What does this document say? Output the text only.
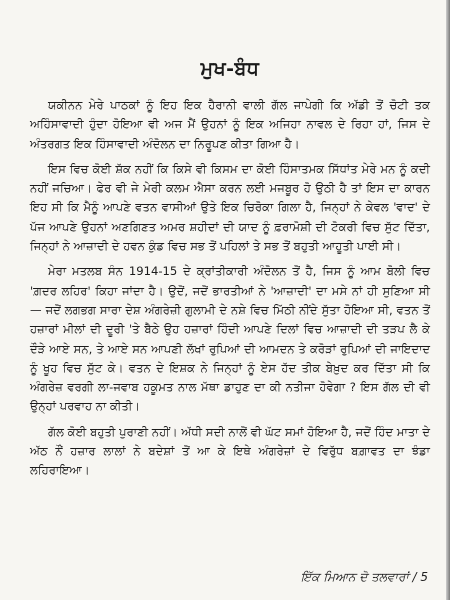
ਮੁਖ-ਬੰਧ

ਯਕੀਨਨ ਮੇਰੇ ਪਾਠਕਾਂ ਨੂੰ ਇਹ ਇਕ ਹੈਰਾਨੀ ਵਾਲੀ ਗੱਲ ਜਾਪੇਗੀ ਕਿ ਅੱਡੀ ਤੋਂ ਚੋਟੀ ਤਕ ਅਹਿੰਸਾਵਾਦੀ ਹੁੰਦਾ ਹੋਇਆ ਵੀ ਅਜ ਮੈਂ ਉਹਨਾਂ ਨੂੰ ਇਕ ਅਜਿਹਾ ਨਾਵਲ ਦੇ ਰਿਹਾ ਹਾਂ, ਜਿਸ ਦੇ ਅੰਤਰਗਤ ਇਕ ਹਿੰਸਾਵਾਦੀ ਅੰਦੋਲਨ ਦਾ ਨਿਰੂਪਣ ਕੀਤਾ ਗਿਆ ਹੈ।

ਇਸ ਵਿਚ ਕੋਈ ਸ਼ੱਕ ਨਹੀਂ ਕਿ ਕਿਸੇ ਵੀ ਕਿਸਮ ਦਾ ਕੋਈ ਹਿੰਸਾਤਮਕ ਸਿੱਧਾਂਤ ਮੇਰੇ ਮਨ ਨੂੰ ਕਦੀ ਨਹੀਂ ਜਚਿਆ। ਫੇਰ ਵੀ ਜੇ ਮੇਰੀ ਕਲਮ ਐਸਾ ਕਰਨ ਲਈ ਮਜਬੂਰ ਹੋ ਉਠੀ ਹੈ ਤਾਂ ਇਸ ਦਾ ਕਾਰਨ ਇਹ ਸੀ ਕਿ ਮੈਨੂੰ ਆਪਣੇ ਵਤਨ ਵਾਸੀਆਂ ਉਤੇ ਇਕ ਚਿਰੋਕਾ ਗਿਲਾ ਹੈ, ਜਿਨ੍ਹਾਂ ਨੇ ਕੇਵਲ 'ਵਾਦ' ਦੇ ਪੱਜ ਆਪਣੇ ਉਹਨਾਂ ਅਣਗਿਣਤ ਅਮਰ ਸ਼ਹੀਦਾਂ ਦੀ ਯਾਦ ਨੂੰ ਫ਼ਰਾਮੋਸ਼ੀ ਦੀ ਟੋਕਰੀ ਵਿਚ ਸੁੱਟ ਦਿੱਤਾ, ਜਿਨ੍ਹਾਂ ਨੇ ਆਜ਼ਾਦੀ ਦੇ ਹਵਨ ਕੁੰਡ ਵਿਚ ਸਭ ਤੋਂ ਪਹਿਲਾਂ ਤੇ ਸਭ ਤੋਂ ਬਹੁਤੀ ਆਹੂਤੀ ਪਾਈ ਸੀ।

ਮੇਰਾ ਮਤਲਬ ਸੰਨ 1914-15 ਦੇ ਕ੍ਰਾਂਤੀਕਾਰੀ ਅੰਦੋਲਨ ਤੋਂ ਹੈ, ਜਿਸ ਨੂੰ ਆਮ ਬੋਲੀ ਵਿਚ 'ਗ਼ਦਰ ਲਹਿਰ' ਕਿਹਾ ਜਾਂਦਾ ਹੈ। ਉਦੋਂ, ਜਦੋਂ ਭਾਰਤੀਆਂ ਨੇ 'ਆਜ਼ਾਦੀ' ਦਾ ਮਸੇ ਨਾਂ ਹੀ ਸੁਣਿਆ ਸੀ — ਜਦੋਂ ਲਗਭਗ ਸਾਰਾ ਦੇਸ਼ ਅੰਗਰੇਜ਼ੀ ਗੁਲਾਮੀ ਦੇ ਨਸ਼ੇ ਵਿਚ ਮਿੱਠੀ ਨੀਂਦੇ ਸੁੱਤਾ ਹੋਇਆ ਸੀ, ਵਤਨ ਤੋਂ ਹਜ਼ਾਰਾਂ ਮੀਲਾਂ ਦੀ ਦੂਰੀ 'ਤੇ ਬੈਠੇ ਉਹ ਹਜ਼ਾਰਾਂ ਹਿੰਦੀ ਆਪਣੇ ਦਿਲਾਂ ਵਿਚ ਆਜ਼ਾਦੀ ਦੀ ਤੜਪ ਲੈ ਕੇ ਦੌੜੇ ਆਏ ਸਨ, ਤੇ ਆਏ ਸਨ ਆਪਣੀ ਲੱਖਾਂ ਰੁਪਿਆਂ ਦੀ ਆਮਦਨ ਤੇ ਕਰੋੜਾਂ ਰੁਪਿਆਂ ਦੀ ਜਾਇਦਾਦ ਨੂੰ ਖੂਹ ਵਿਚ ਸੁੱਟ ਕੇ। ਵਤਨ ਦੇ ਇਸ਼ਕ ਨੇ ਜਿਨ੍ਹਾਂ ਨੂੰ ਏਸ ਹੱਦ ਤੀਕ ਬੇਖ਼ੁਦ ਕਰ ਦਿੱਤਾ ਸੀ ਕਿ ਅੰਗਰੇਜ਼ ਵਰਗੀ ਲਾ-ਜਵਾਬ ਹਕੂਮਤ ਨਾਲ ਮੱਥਾ ਡਾਹੁਣ ਦਾ ਕੀ ਨਤੀਜਾ ਹੋਵੇਗਾ ? ਇਸ ਗੱਲ ਦੀ ਵੀ ਉਨ੍ਹਾਂ ਪਰਵਾਹ ਨਾ ਕੀਤੀ।

ਗੱਲ ਕੋਈ ਬਹੁਤੀ ਪੁਰਾਣੀ ਨਹੀਂ। ਅੱਧੀ ਸਦੀ ਨਾਲੋਂ ਵੀ ਘੱਟ ਸਮਾਂ ਹੋਇਆ ਹੈ, ਜਦੋਂ ਹਿੰਦ ਮਾਤਾ ਦੇ ਅੱਠ ਨੌਂ ਹਜ਼ਾਰ ਲਾਲਾਂ ਨੇ ਬਦੇਸ਼ਾਂ ਤੋਂ ਆ ਕੇ ਇਥੇ ਅੰਗਰੇਜ਼ਾਂ ਦੇ ਵਿਰੁੱਧ ਬਗ਼ਾਵਤ ਦਾ ਝੰਡਾ ਲਹਿਰਾਇਆ।

ਇੱਕ ਮਿਆਨ ਦੋ ਤਲਵਾਰਾਂ / 5
